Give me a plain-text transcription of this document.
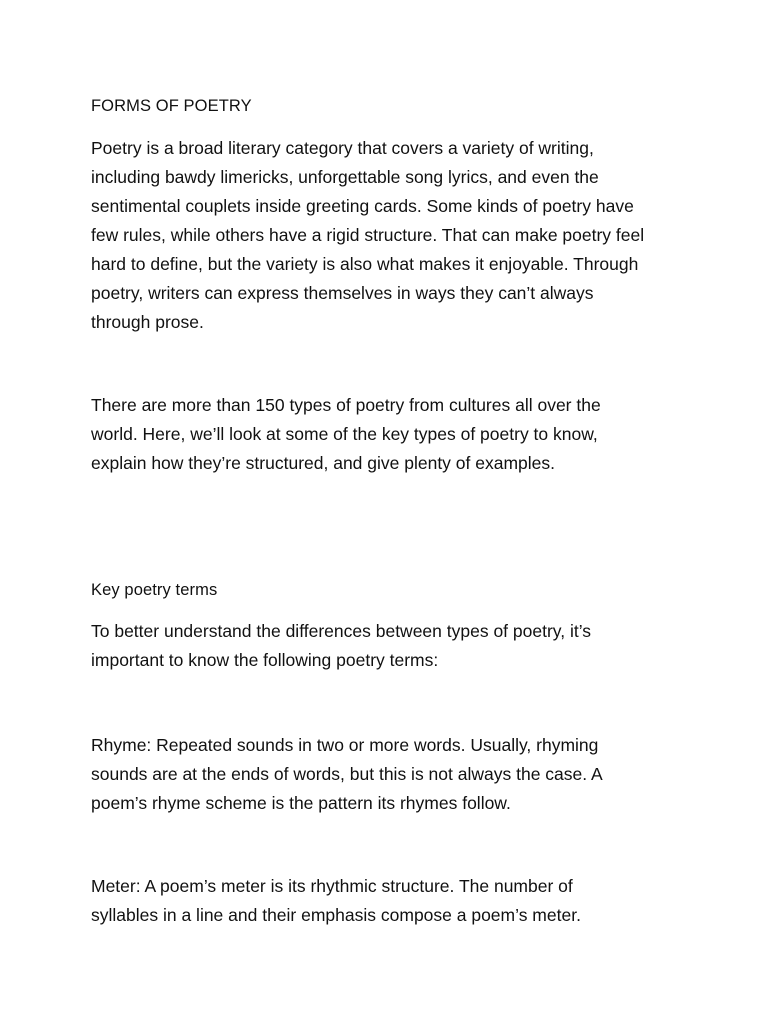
FORMS OF POETRY

Poetry is a broad literary category that covers a variety of writing,
including bawdy limericks, unforgettable song lyrics, and even the
sentimental couplets inside greeting cards. Some kinds of poetry have
few rules, while others have a rigid structure. That can make poetry feel
hard to define, but the variety is also what makes it enjoyable. Through
poetry, writers can express themselves in ways they can’t always
through prose.

There are more than 150 types of poetry from cultures all over the
world. Here, we’ll look at some of the key types of poetry to know,
explain how they’re structured, and give plenty of examples.

Key poetry terms

To better understand the differences between types of poetry, it’s
important to know the following poetry terms:

Rhyme: Repeated sounds in two or more words. Usually, rhyming
sounds are at the ends of words, but this is not always the case. A
poem’s rhyme scheme is the pattern its rhymes follow.

Meter: A poem’s meter is its rhythmic structure. The number of
syllables in a line and their emphasis compose a poem’s meter.
